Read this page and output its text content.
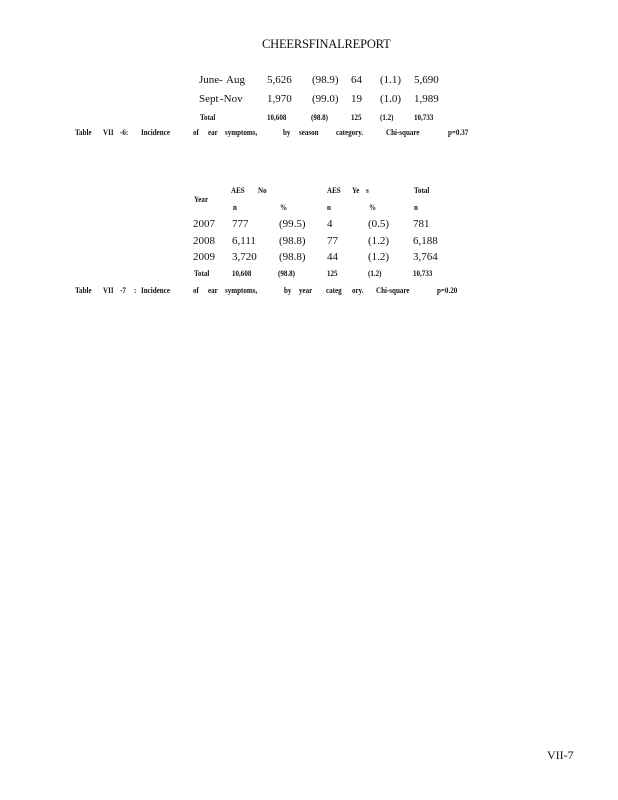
CHEERSFINALREPORT
June- Aug 5,626 (98.9) 64 (1.1) 5,690
Sept -Nov 1,970 (99.0) 19 (1.0) 1,989
Total	10,608	(98.8)	125 (1.2)	10,733
Table VII -6: Incidence	of ear symptoms,	by season category.	Chi-square	p=0.37
Year
AES No	AES Ye s	Total
n	%	n	%	n
2007 777	(99.5) 4	(0.5) 781
2008 6,111 (98.8) 77	(1.2) 6,188
2009 3,720 (98.8) 44	(1.2) 3,764
Total	10,608	(98.8)	125	(1.2)	10,733
Table VII -7 : Incidence	of ear symptoms,	by year categ ory. Chi-square	p=0.20
VII-7
